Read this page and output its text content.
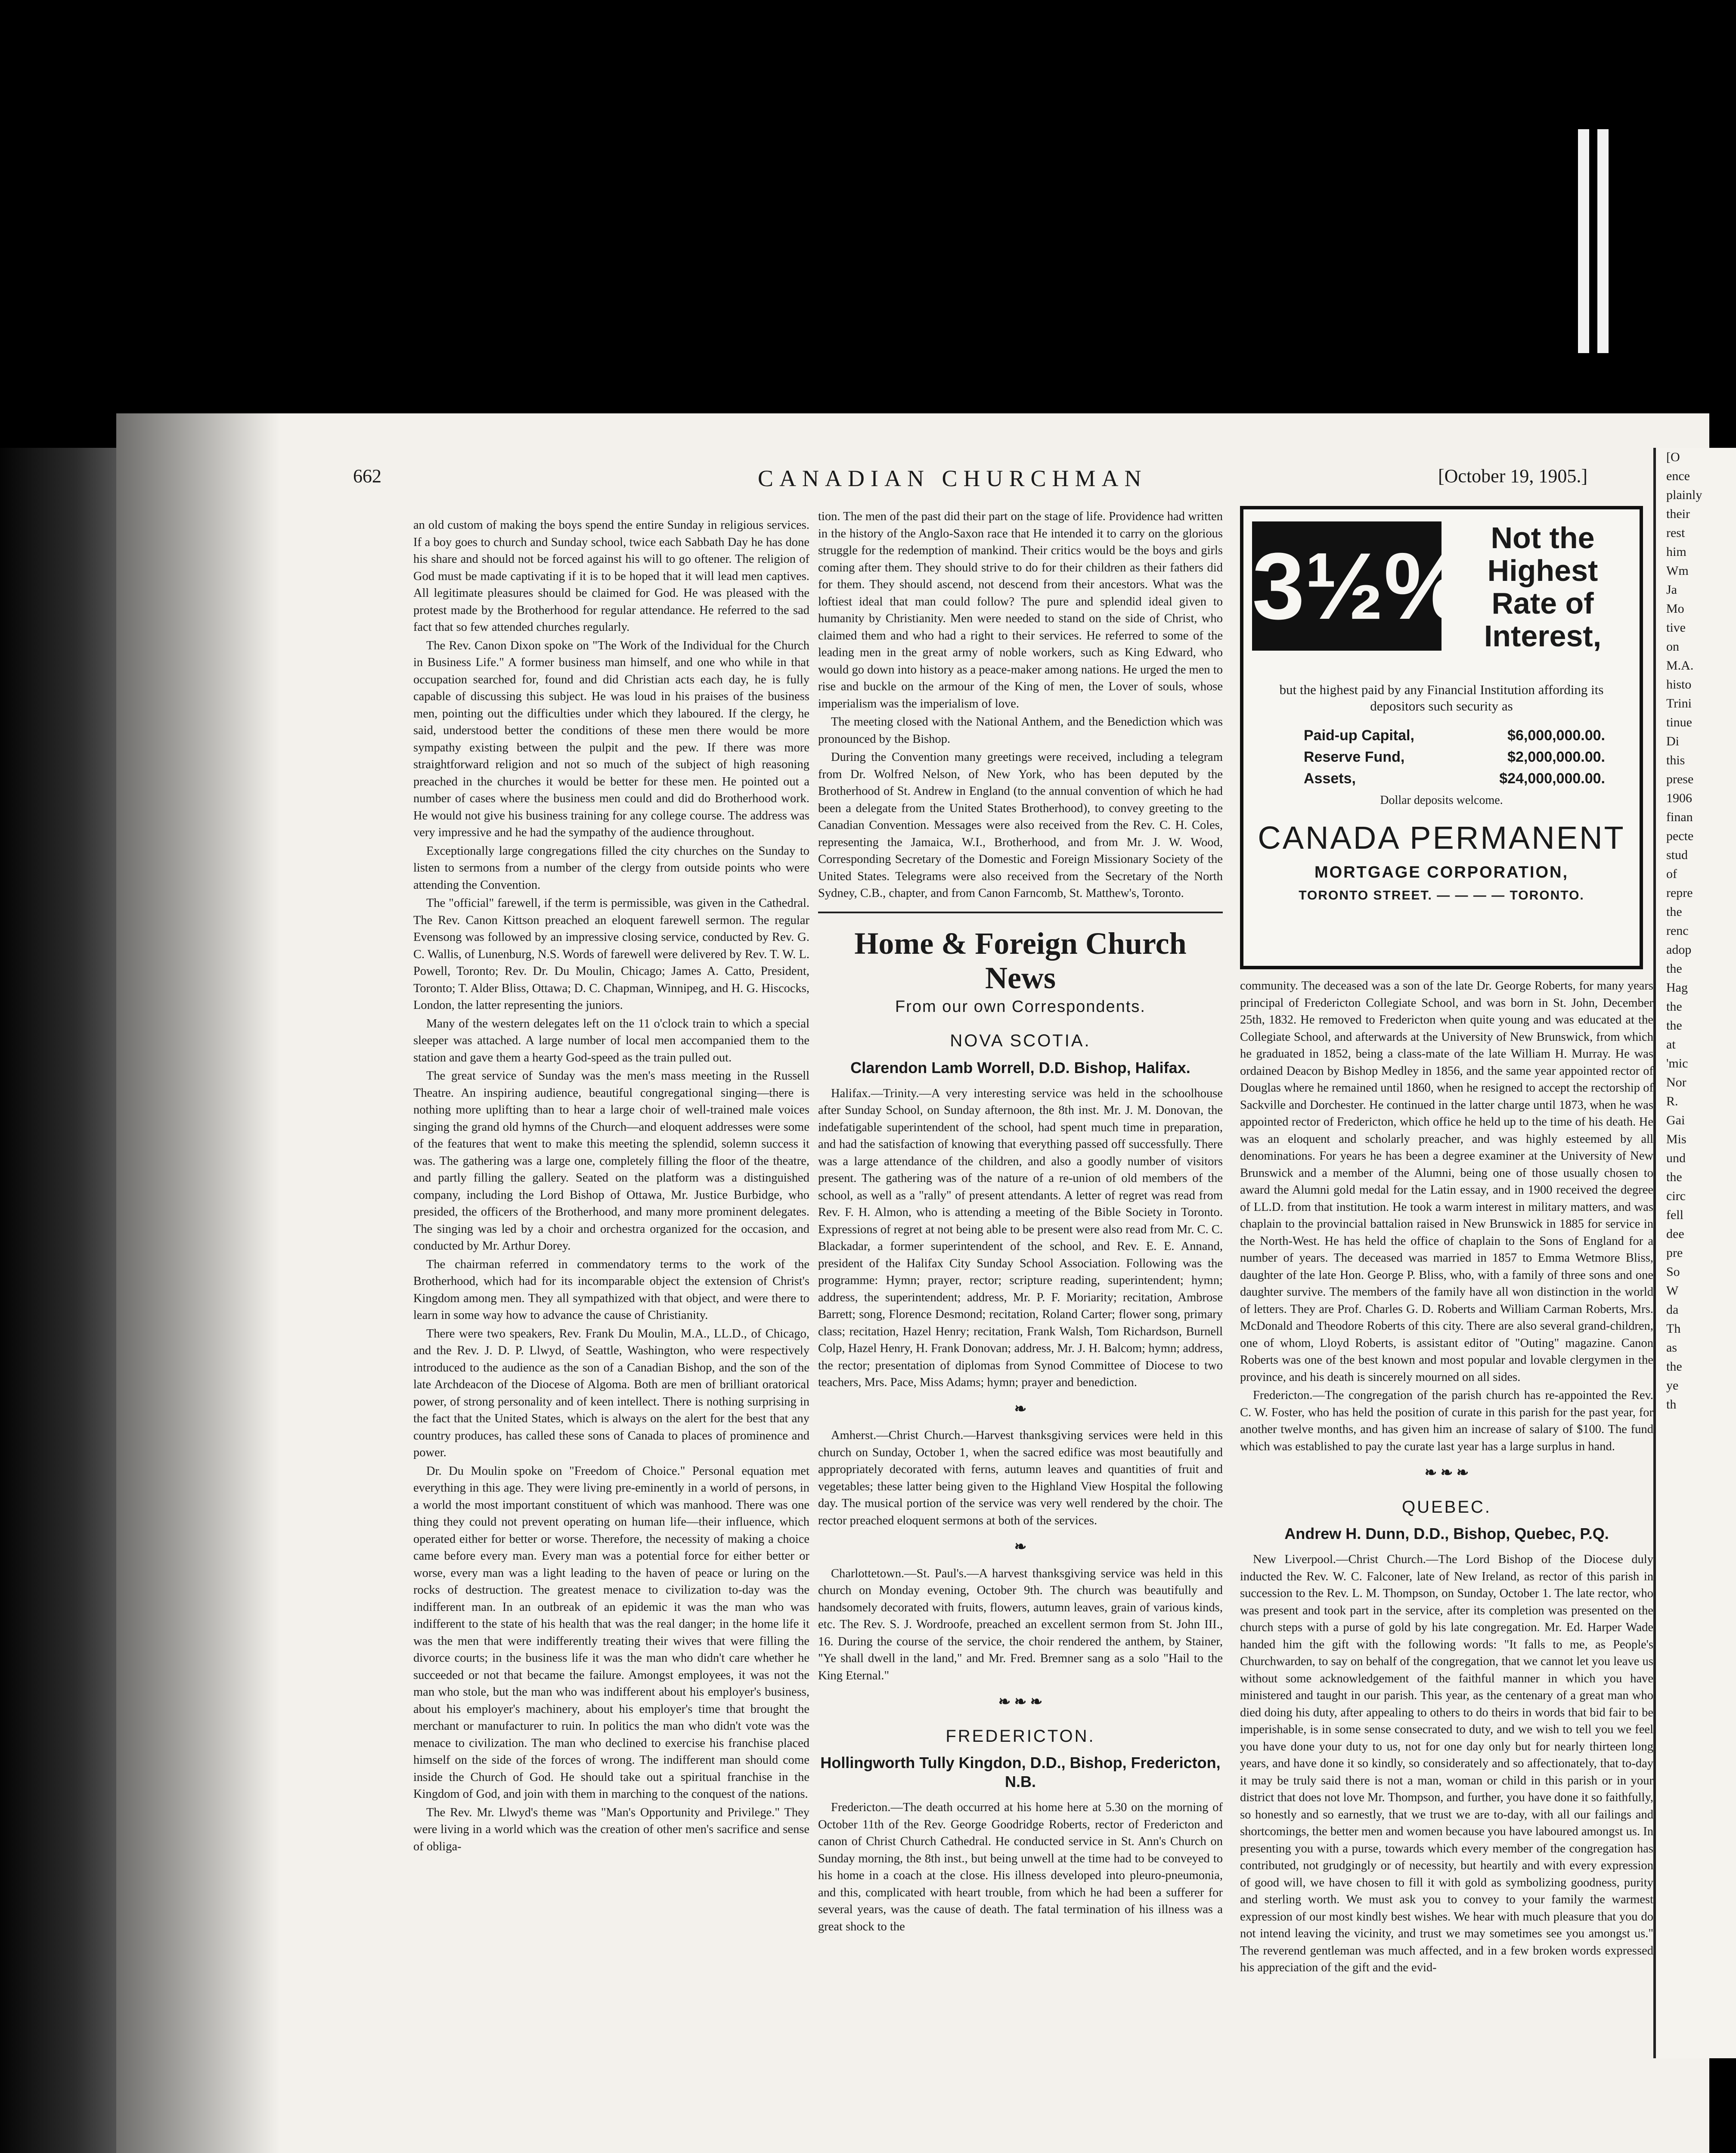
[O
ence
plainly
their
rest
him
Wm
Ja
Mo
tive
on
M.A.
histo
Trini
tinue
Di
this
prese
1906
finan
pecte
stud
of
repre
the
renc
adop
the
Hag
the
the
at
'mic
Nor
R.
Gai
Mis
und
the
circ
fell
dee
pre
So
W
da
Th
as
the
ye
th
662	CANADIAN CHURCHMAN	[October 19, 1905.]

an old custom of making the boys spend the entire Sunday in religious services. If a boy goes to church and Sunday school, twice each Sabbath Day he has done his share and should not be forced against his will to go oftener. The religion of God must be made captivating if it is to be hoped that it will lead men captives. All legitimate pleasures should be claimed for God. He was pleased with the protest made by the Brotherhood for regular attendance. He referred to the sad fact that so few attended churches regularly.

The Rev. Canon Dixon spoke on "The Work of the Individual for the Church in Business Life." A former business man himself, and one who while in that occupation searched for, found and did Christian acts each day, he is fully capable of discussing this subject. He was loud in his praises of the business men, pointing out the difficulties under which they laboured. If the clergy, he said, understood better the conditions of these men there would be more sympathy existing between the pulpit and the pew. If there was more straightforward religion and not so much of the subject of high reasoning preached in the churches it would be better for these men. He pointed out a number of cases where the business men could and did do Brotherhood work. He would not give his business training for any college course. The address was very impressive and he had the sympathy of the audience throughout.

Exceptionally large congregations filled the city churches on the Sunday to listen to sermons from a number of the clergy from outside points who were attending the Convention.

The "official" farewell, if the term is permissible, was given in the Cathedral. The Rev. Canon Kittson preached an eloquent farewell sermon. The regular Evensong was followed by an impressive closing service, conducted by Rev. G. C. Wallis, of Lunenburg, N.S. Words of farewell were delivered by Rev. T. W. L. Powell, Toronto; Rev. Dr. Du Moulin, Chicago; James A. Catto, President, Toronto; T. Alder Bliss, Ottawa; D. C. Chapman, Winnipeg, and H. G. Hiscocks, London, the latter representing the juniors.

Many of the western delegates left on the 11 o'clock train to which a special sleeper was attached. A large number of local men accompanied them to the station and gave them a hearty God-speed as the train pulled out.

The great service of Sunday was the men's mass meeting in the Russell Theatre. An inspiring audience, beautiful congregational singing—there is nothing more uplifting than to hear a large choir of well-trained male voices singing the grand old hymns of the Church—and eloquent addresses were some of the features that went to make this meeting the splendid, solemn success it was. The gathering was a large one, completely filling the floor of the theatre, and partly filling the gallery. Seated on the platform was a distinguished company, including the Lord Bishop of Ottawa, Mr. Justice Burbidge, who presided, the officers of the Brotherhood, and many more prominent delegates. The singing was led by a choir and orchestra organized for the occasion, and conducted by Mr. Arthur Dorey.

The chairman referred in commendatory terms to the work of the Brotherhood, which had for its incomparable object the extension of Christ's Kingdom among men. They all sympathized with that object, and were there to learn in some way how to advance the cause of Christianity.

There were two speakers, Rev. Frank Du Moulin, M.A., LL.D., of Chicago, and the Rev. J. D. P. Llwyd, of Seattle, Washington, who were respectively introduced to the audience as the son of a Canadian Bishop, and the son of the late Archdeacon of the Diocese of Algoma. Both are men of brilliant oratorical power, of strong personality and of keen intellect. There is nothing surprising in the fact that the United States, which is always on the alert for the best that any country produces, has called these sons of Canada to places of prominence and power.

Dr. Du Moulin spoke on "Freedom of Choice." Personal equation met everything in this age. They were living pre-eminently in a world of persons, in a world the most important constituent of which was manhood. There was one thing they could not prevent operating on human life—their influence, which operated either for better or worse. Therefore, the necessity of making a choice came before every man. Every man was a potential force for either better or worse, every man was a light leading to the haven of peace or luring on the rocks of destruction. The greatest menace to civilization to-day was the indifferent man. In an outbreak of an epidemic it was the man who was indifferent to the state of his health that was the real danger; in the home life it was the men that were indifferently treating their wives that were filling the divorce courts; in the business life it was the man who didn't care whether he succeeded or not that became the failure. Amongst employees, it was not the man who stole, but the man who was indifferent about his employer's business, about his employer's machinery, about his employer's time that brought the merchant or manufacturer to ruin. In politics the man who didn't vote was the menace to civilization. The man who declined to exercise his franchise placed himself on the side of the forces of wrong. The indifferent man should come inside the Church of God. He should take out a spiritual franchise in the Kingdom of God, and join with them in marching to the conquest of the nations.

The Rev. Mr. Llwyd's theme was "Man's Opportunity and Privilege." They were living in a world which was the creation of other men's sacrifice and sense of obliga-

tion. The men of the past did their part on the stage of life. Providence had written in the history of the Anglo-Saxon race that He intended it to carry on the glorious struggle for the redemption of mankind. Their critics would be the boys and girls coming after them. They should strive to do for their children as their fathers did for them. They should ascend, not descend from their ancestors. What was the loftiest ideal that man could follow? The pure and splendid ideal given to humanity by Christianity. Men were needed to stand on the side of Christ, who claimed them and who had a right to their services. He referred to some of the leading men in the great army of noble workers, such as King Edward, who would go down into history as a peace-maker among nations. He urged the men to rise and buckle on the armour of the King of men, the Lover of souls, whose imperialism was the imperialism of love.

The meeting closed with the National Anthem, and the Benediction which was pronounced by the Bishop.

During the Convention many greetings were received, including a telegram from Dr. Wolfred Nelson, of New York, who has been deputed by the Brotherhood of St. Andrew in England (to the annual convention of which he had been a delegate from the United States Brotherhood), to convey greeting to the Canadian Convention. Messages were also received from the Rev. C. H. Coles, representing the Jamaica, W.I., Brotherhood, and from Mr. J. W. Wood, Corresponding Secretary of the Domestic and Foreign Missionary Society of the United States. Telegrams were also received from the Secretary of the North Sydney, C.B., chapter, and from Canon Farncomb, St. Matthew's, Toronto.

Home & Foreign Church News
From our own Correspondents.
NOVA SCOTIA.
Clarendon Lamb Worrell, D.D. Bishop, Halifax.

Halifax.—Trinity.—A very interesting service was held in the schoolhouse after Sunday School, on Sunday afternoon, the 8th inst. Mr. J. M. Donovan, the indefatigable superintendent of the school, had spent much time in preparation, and had the satisfaction of knowing that everything passed off successfully. There was a large attendance of the children, and also a goodly number of visitors present. The gathering was of the nature of a re-union of old members of the school, as well as a "rally" of present attendants. A letter of regret was read from Rev. F. H. Almon, who is attending a meeting of the Bible Society in Toronto. Expressions of regret at not being able to be present were also read from Mr. C. C. Blackadar, a former superintendent of the school, and Rev. E. E. Annand, president of the Halifax City Sunday School Association. Following was the programme: Hymn; prayer, rector; scripture reading, superintendent; hymn; address, the superintendent; address, Mr. P. F. Moriarity; recitation, Ambrose Barrett; song, Florence Desmond; recitation, Roland Carter; flower song, primary class; recitation, Hazel Henry; recitation, Frank Walsh, Tom Richardson, Burnell Colp, Hazel Henry, H. Frank Donovan; address, Mr. J. H. Balcom; hymn; address, the rector; presentation of diplomas from Synod Committee of Diocese to two teachers, Mrs. Pace, Miss Adams; hymn; prayer and benediction.

❧

Amherst.—Christ Church.—Harvest thanksgiving services were held in this church on Sunday, October 1, when the sacred edifice was most beautifully and appropriately decorated with ferns, autumn leaves and quantities of fruit and vegetables; these latter being given to the Highland View Hospital the following day. The musical portion of the service was very well rendered by the choir. The rector preached eloquent sermons at both of the services.

❧

Charlottetown.—St. Paul's.—A harvest thanksgiving service was held in this church on Monday evening, October 9th. The church was beautifully and handsomely decorated with fruits, flowers, autumn leaves, grain of various kinds, etc. The Rev. S. J. Wordroofe, preached an excellent sermon from St. John III., 16. During the course of the service, the choir rendered the anthem, by Stainer, "Ye shall dwell in the land," and Mr. Fred. Bremner sang as a solo "Hail to the King Eternal."

❧ ❧ ❧
FREDERICTON.
Hollingworth Tully Kingdon, D.D., Bishop, Fredericton, N.B.

Fredericton.—The death occurred at his home here at 5.30 on the morning of October 11th of the Rev. George Goodridge Roberts, rector of Fredericton and canon of Christ Church Cathedral. He conducted service in St. Ann's Church on Sunday morning, the 8th inst., but being unwell at the time had to be conveyed to his home in a coach at the close. His illness developed into pleuro-pneumonia, and this, complicated with heart trouble, from which he had been a sufferer for several years, was the cause of death. The fatal termination of his illness was a great shock to the

3½% Not the Highest Rate of Interest,
but the highest paid by any Financial Institution affording its depositors such security as
Paid-up Capital,	$6,000,000.00.
Reserve Fund,	$2,000,000.00.
Assets,	$24,000,000.00.
Dollar deposits welcome.
CANADA PERMANENT
MORTGAGE CORPORATION,
TORONTO STREET. — — — — TORONTO.

community. The deceased was a son of the late Dr. George Roberts, for many years principal of Fredericton Collegiate School, and was born in St. John, December 25th, 1832. He removed to Fredericton when quite young and was educated at the Collegiate School, and afterwards at the University of New Brunswick, from which he graduated in 1852, being a class-mate of the late William H. Murray. He was ordained Deacon by Bishop Medley in 1856, and the same year appointed rector of Douglas where he remained until 1860, when he resigned to accept the rectorship of Sackville and Dorchester. He continued in the latter charge until 1873, when he was appointed rector of Fredericton, which office he held up to the time of his death. He was an eloquent and scholarly preacher, and was highly esteemed by all denominations. For years he has been a degree examiner at the University of New Brunswick and a member of the Alumni, being one of those usually chosen to award the Alumni gold medal for the Latin essay, and in 1900 received the degree of LL.D. from that institution. He took a warm interest in military matters, and was chaplain to the provincial battalion raised in New Brunswick in 1885 for service in the North-West. He has held the office of chaplain to the Sons of England for a number of years. The deceased was married in 1857 to Emma Wetmore Bliss, daughter of the late Hon. George P. Bliss, who, with a family of three sons and one daughter survive. The members of the family have all won distinction in the world of letters. They are Prof. Charles G. D. Roberts and William Carman Roberts, Mrs. McDonald and Theodore Roberts of this city. There are also several grand-children, one of whom, Lloyd Roberts, is assistant editor of "Outing" magazine. Canon Roberts was one of the best known and most popular and lovable clergymen in the province, and his death is sincerely mourned on all sides.

Fredericton.—The congregation of the parish church has re-appointed the Rev. C. W. Foster, who has held the position of curate in this parish for the past year, for another twelve months, and has given him an increase of salary of $100. The fund which was established to pay the curate last year has a large surplus in hand.

❧ ❧ ❧
QUEBEC.
Andrew H. Dunn, D.D., Bishop, Quebec, P.Q.

New Liverpool.—Christ Church.—The Lord Bishop of the Diocese duly inducted the Rev. W. C. Falconer, late of New Ireland, as rector of this parish in succession to the Rev. L. M. Thompson, on Sunday, October 1. The late rector, who was present and took part in the service, after its completion was presented on the church steps with a purse of gold by his late congregation. Mr. Ed. Harper Wade handed him the gift with the following words: "It falls to me, as People's Churchwarden, to say on behalf of the congregation, that we cannot let you leave us without some acknowledgement of the faithful manner in which you have ministered and taught in our parish. This year, as the centenary of a great man who died doing his duty, after appealing to others to do theirs in words that bid fair to be imperishable, is in some sense consecrated to duty, and we wish to tell you we feel you have done your duty to us, not for one day only but for nearly thirteen long years, and have done it so kindly, so considerately and so affectionately, that to-day it may be truly said there is not a man, woman or child in this parish or in your district that does not love Mr. Thompson, and further, you have done it so faithfully, so honestly and so earnestly, that we trust we are to-day, with all our failings and shortcomings, the better men and women because you have laboured amongst us. In presenting you with a purse, towards which every member of the congregation has contributed, not grudgingly or of necessity, but heartily and with every expression of good will, we have chosen to fill it with gold as symbolizing goodness, purity and sterling worth. We must ask you to convey to your family the warmest expression of our most kindly best wishes. We hear with much pleasure that you do not intend leaving the vicinity, and trust we may sometimes see you amongst us." The reverend gentleman was much affected, and in a few broken words expressed his appreciation of the gift and the evid-
